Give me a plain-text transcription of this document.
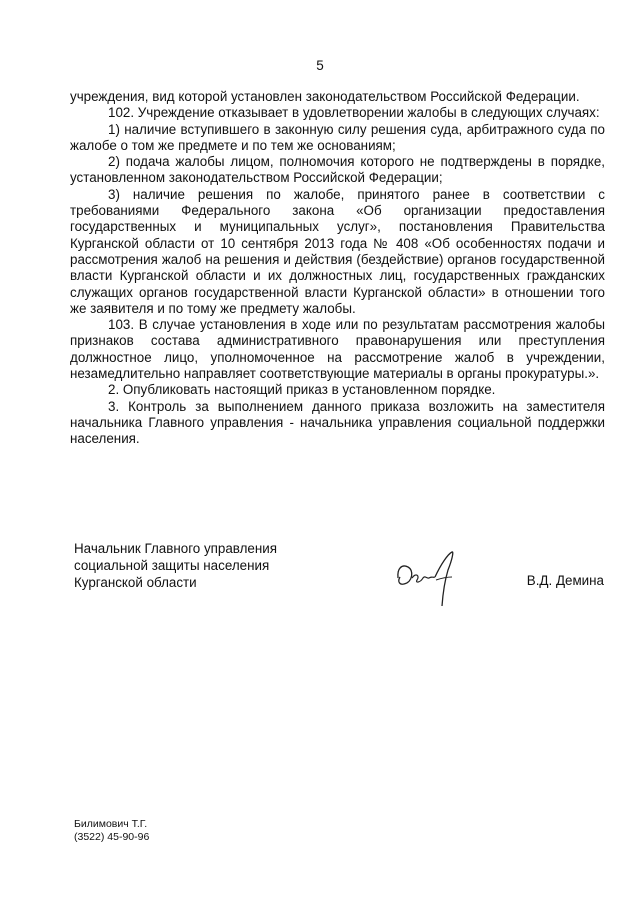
5

учреждения, вид которой установлен законодательством Российской Федерации.

102. Учреждение отказывает в удовлетворении жалобы в следующих случаях:

1) наличие вступившего в законную силу решения суда, арбитражного суда по жалобе о том же предмете и по тем же основаниям;

2) подача жалобы лицом, полномочия которого не подтверждены в порядке, установленном законодательством Российской Федерации;

3) наличие решения по жалобе, принятого ранее в соответствии с требованиями Федерального закона «Об организации предоставления государственных и муниципальных услуг», постановления Правительства Курганской области от 10 сентября 2013 года № 408 «Об особенностях подачи и рассмотрения жалоб на решения и действия (бездействие) органов государственной власти Курганской области и их должностных лиц, государственных гражданских служащих органов государственной власти Курганской области» в отношении того же заявителя и по тому же предмету жалобы.

103. В случае установления в ходе или по результатам рассмотрения жалобы признаков состава административного правонарушения или преступления должностное лицо, уполномоченное на рассмотрение жалоб в учреждении, незамедлительно направляет соответствующие материалы в органы прокуратуры.».

2. Опубликовать настоящий приказ в установленном порядке.

3. Контроль за выполнением данного приказа возложить на заместителя начальника Главного управления - начальника управления социальной поддержки населения.

Начальник Главного управления
социальной защиты населения
Курганской области	В.Д. Демина
Билимович Т.Г.
(3522) 45-90-96
